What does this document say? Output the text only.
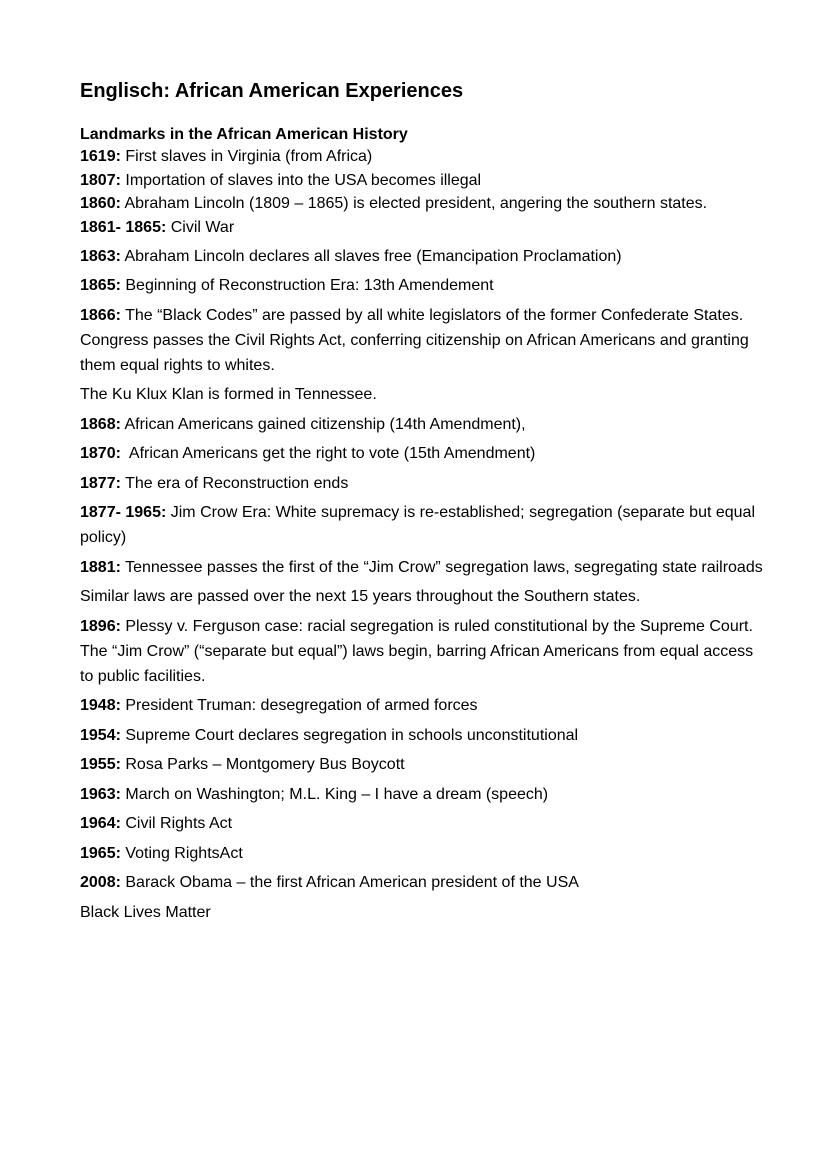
Englisch: African American Experiences
Landmarks in the African American History

1619: First slaves in Virginia (from Africa)

1807: Importation of slaves into the USA becomes illegal

1860: Abraham Lincoln (1809 – 1865) is elected president, angering the southern states.

1861- 1865: Civil War

1863: Abraham Lincoln declares all slaves free (Emancipation Proclamation)

1865: Beginning of Reconstruction Era: 13th Amendement

1866: The “Black Codes” are passed by all white legislators of the former Confederate States. Congress passes the Civil Rights Act, conferring citizenship on African Americans and granting them equal rights to whites.

The Ku Klux Klan is formed in Tennessee.

1868: African Americans gained citizenship (14th Amendment),

1870:  African Americans get the right to vote (15th Amendment)

1877: The era of Reconstruction ends

1877- 1965: Jim Crow Era: White supremacy is re-established; segregation (separate but equal policy)

1881: Tennessee passes the first of the “Jim Crow” segregation laws, segregating state railroads

Similar laws are passed over the next 15 years throughout the Southern states.

1896: Plessy v. Ferguson case: racial segregation is ruled constitutional by the Supreme Court. The “Jim Crow” (“separate but equal”) laws begin, barring African Americans from equal access to public facilities.

1948: President Truman: desegregation of armed forces

1954: Supreme Court declares segregation in schools unconstitutional

1955: Rosa Parks – Montgomery Bus Boycott

1963: March on Washington; M.L. King – I have a dream (speech)

1964: Civil Rights Act

1965: Voting RightsAct

2008: Barack Obama – the first African American president of the USA

Black Lives Matter
